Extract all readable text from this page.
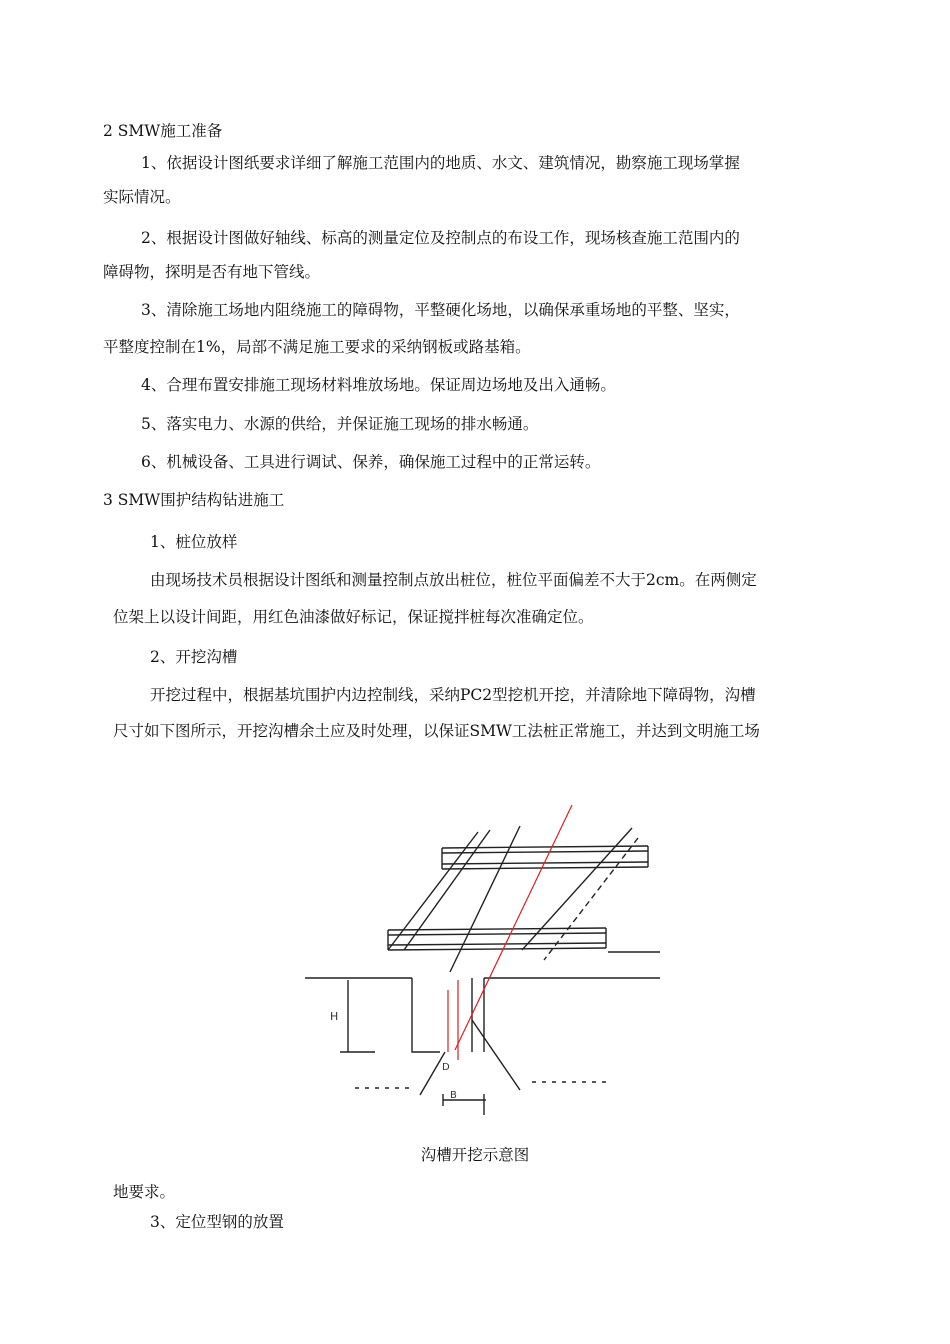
2 SMW施工准备
1、依据设计图纸要求详细了解施工范围内的地质、水文、建筑情况，勘察施工现场掌握
实际情况。
2、根据设计图做好轴线、标高的测量定位及控制点的布设工作，现场核查施工范围内的
障碍物，探明是否有地下管线。
3、清除施工场地内阻绕施工的障碍物，平整硬化场地，以确保承重场地的平整、坚实，
平整度控制在1%，局部不满足施工要求的采纳钢板或路基箱。
4、合理布置安排施工现场材料堆放场地。保证周边场地及出入通畅。
5、落实电力、水源的供给，并保证施工现场的排水畅通。
6、机械设备、工具进行调试、保养，确保施工过程中的正常运转。
3 SMW围护结构钻进施工
1、桩位放样
由现场技术员根据设计图纸和测量控制点放出桩位，桩位平面偏差不大于2cm。在两侧定
位架上以设计间距，用红色油漆做好标记，保证搅拌桩每次准确定位。
2、开挖沟槽
开挖过程中，根据基坑围护内边控制线，采纳PC2型挖机开挖，并清除地下障碍物，沟槽
尺寸如下图所示，开挖沟槽余土应及时处理，以保证SMW工法桩正常施工，并达到文明施工场
H
D
B
沟槽开挖示意图
地要求。
3、定位型钢的放置
